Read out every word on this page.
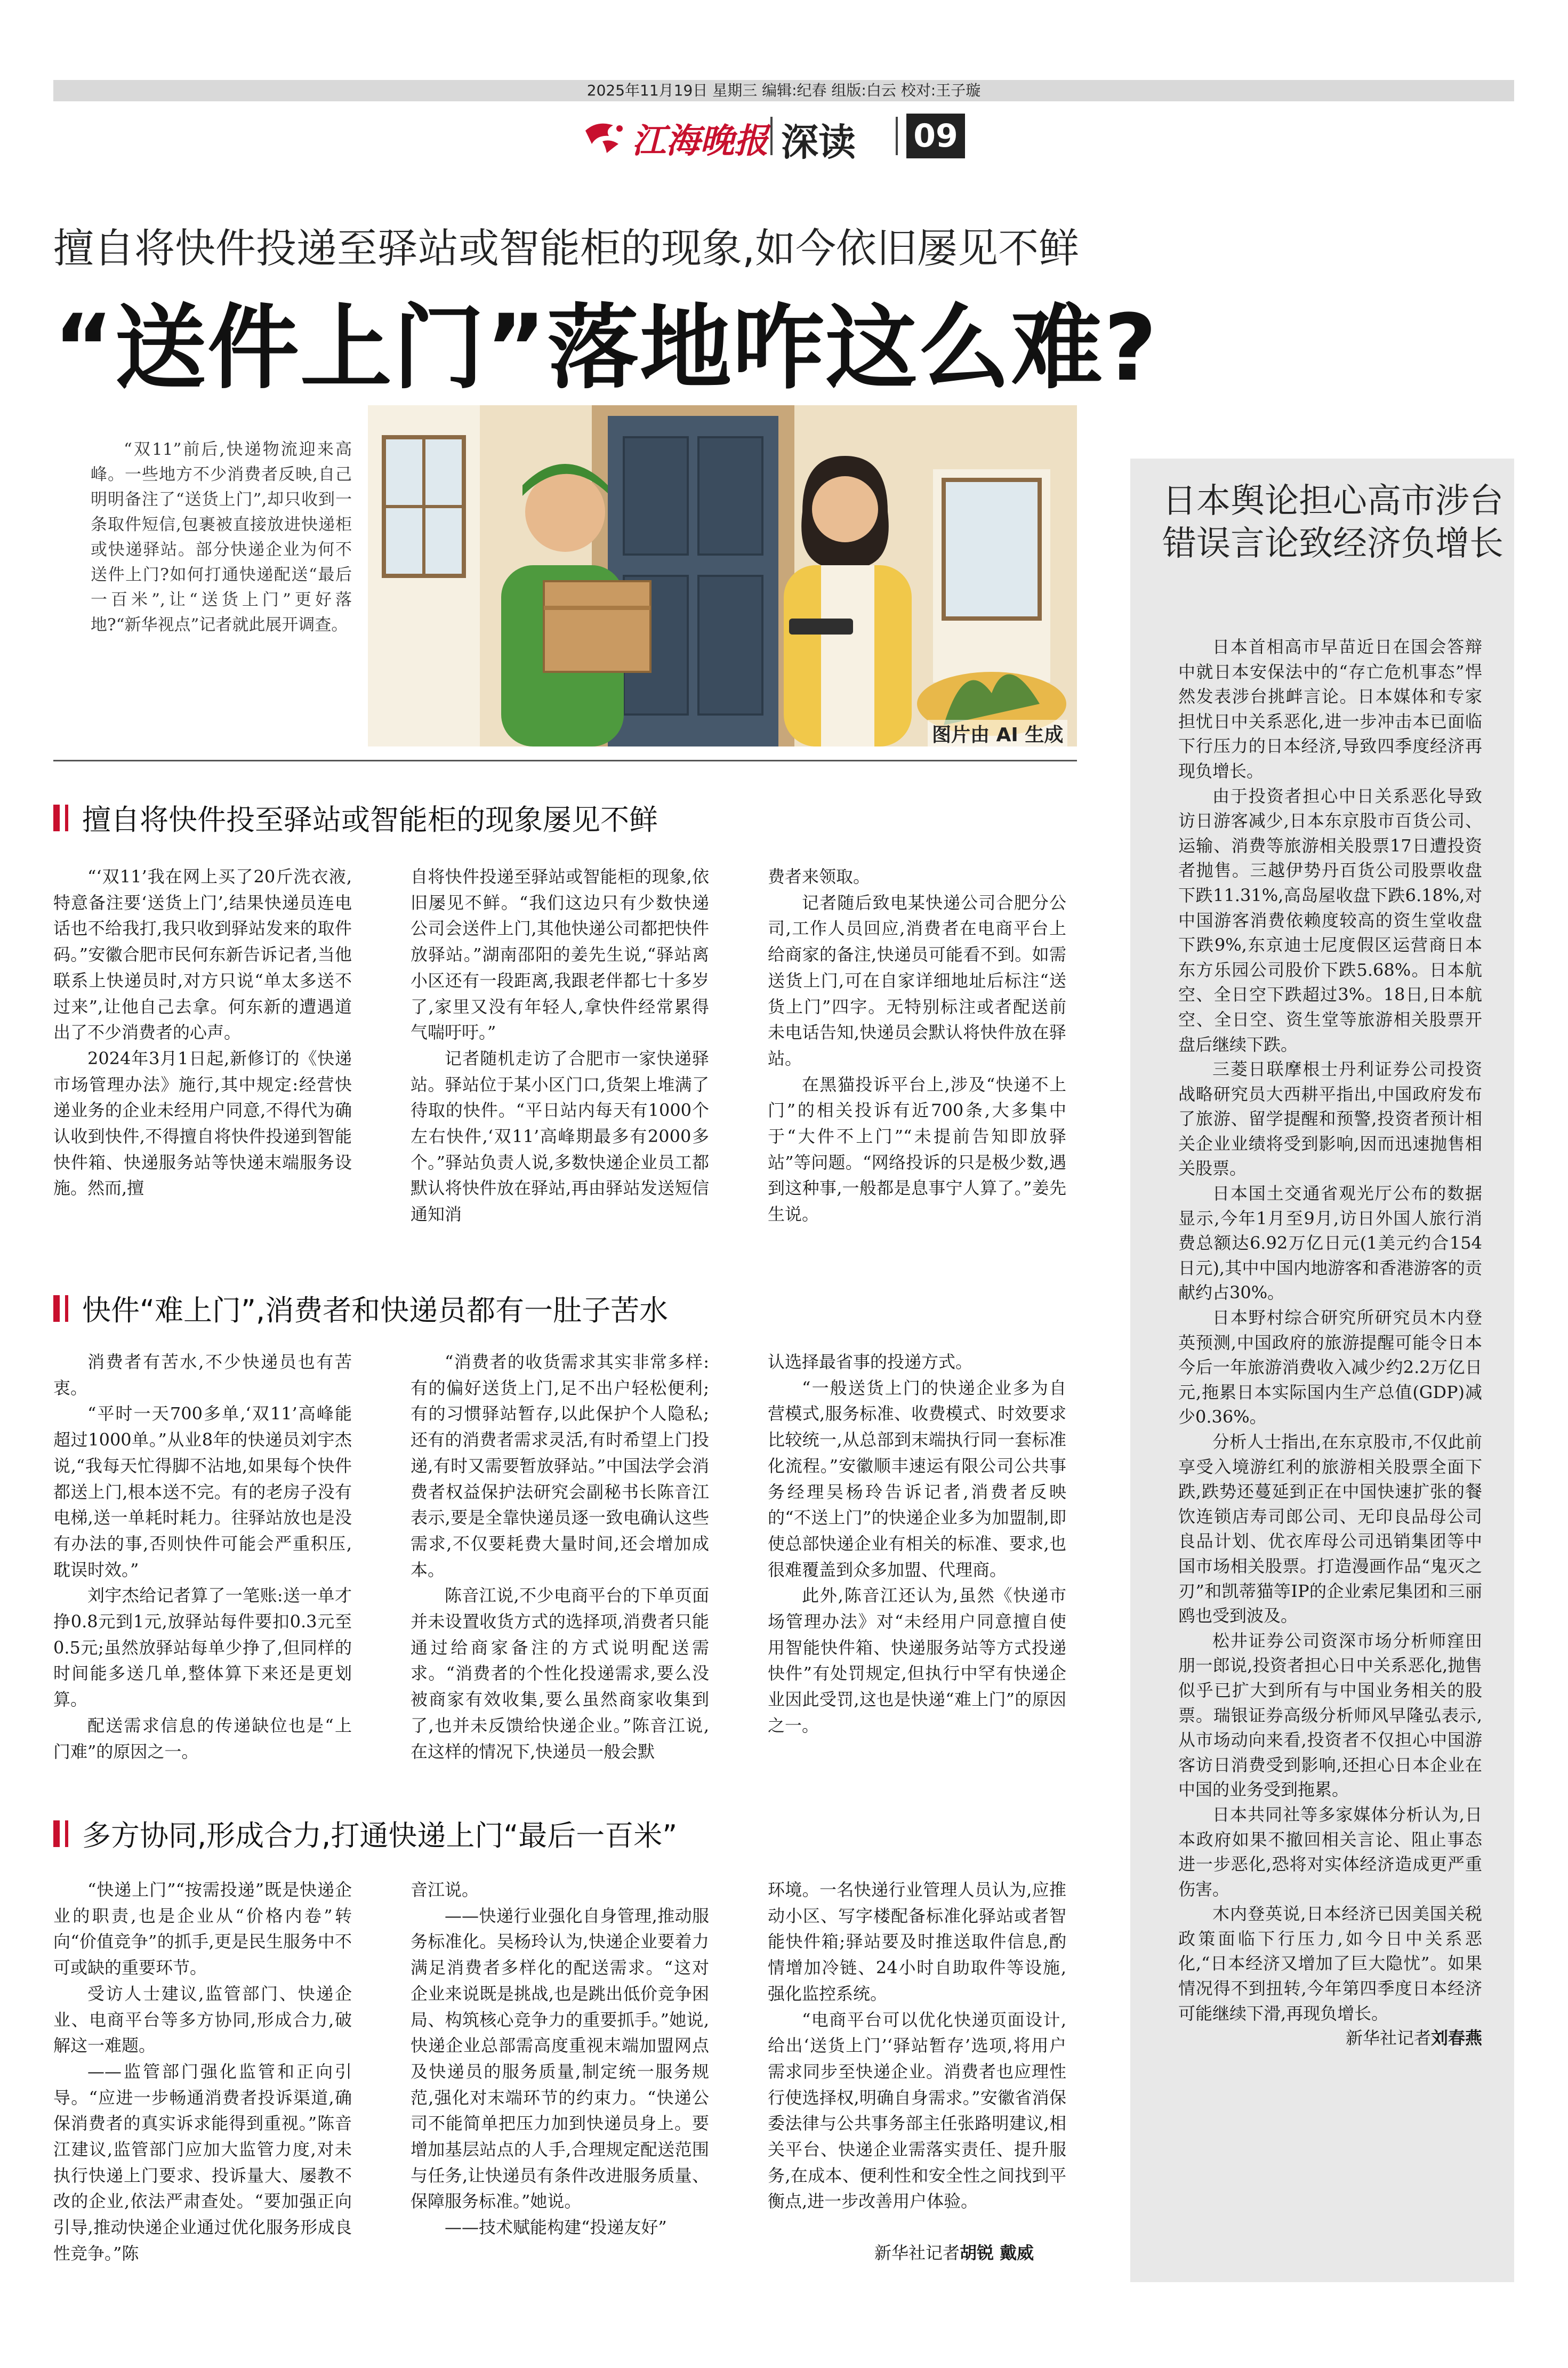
2025年11月19日 星期三 编辑:纪春 组版:白云 校对:王子璇
江海晚报 深读 09
擅自将快件投递至驿站或智能柜的现象,如今依旧屡见不鲜
“送件上门”落地咋这么难?
“双11”前后,快递物流迎来高峰。一些地方不少消费者反映,自己明明备注了“送货上门”,却只收到一条取件短信,包裹被直接放进快递柜或快递驿站。部分快递企业为何不送件上门?如何打通快递配送“最后一百米”,让“送货上门”更好落地?“新华视点”记者就此展开调查。
图片由 AI 生成
擅自将快件投至驿站或智能柜的现象屡见不鲜

“‘双11’我在网上买了20斤洗衣液,特意备注要‘送货上门’,结果快递员连电话也不给我打,我只收到驿站发来的取件码。”安徽合肥市民何东新告诉记者,当他联系上快递员时,对方只说“单太多送不过来”,让他自己去拿。何东新的遭遇道出了不少消费者的心声。

2024年3月1日起,新修订的《快递市场管理办法》施行,其中规定:经营快递业务的企业未经用户同意,不得代为确认收到快件,不得擅自将快件投递到智能快件箱、快递服务站等快递末端服务设施。然而,擅

自将快件投递至驿站或智能柜的现象,依旧屡见不鲜。“我们这边只有少数快递公司会送件上门,其他快递公司都把快件放驿站。”湖南邵阳的姜先生说,“驿站离小区还有一段距离,我跟老伴都七十多岁了,家里又没有年轻人,拿快件经常累得气喘吁吁。”

记者随机走访了合肥市一家快递驿站。驿站位于某小区门口,货架上堆满了待取的快件。“平日站内每天有1000个左右快件,‘双11’高峰期最多有2000多个。”驿站负责人说,多数快递企业员工都默认将快件放在驿站,再由驿站发送短信通知消

费者来领取。

记者随后致电某快递公司合肥分公司,工作人员回应,消费者在电商平台上给商家的备注,快递员可能看不到。如需送货上门,可在自家详细地址后标注“送货上门”四字。无特别标注或者配送前未电话告知,快递员会默认将快件放在驿站。

在黑猫投诉平台上,涉及“快递不上门”的相关投诉有近700条,大多集中于“大件不上门”“未提前告知即放驿站”等问题。“网络投诉的只是极少数,遇到这种事,一般都是息事宁人算了。”姜先生说。

快件“难上门”,消费者和快递员都有一肚子苦水

消费者有苦水,不少快递员也有苦衷。

“平时一天700多单,‘双11’高峰能超过1000单。”从业8年的快递员刘宇杰说,“我每天忙得脚不沾地,如果每个快件都送上门,根本送不完。有的老房子没有电梯,送一单耗时耗力。往驿站放也是没有办法的事,否则快件可能会严重积压,耽误时效。”

刘宇杰给记者算了一笔账:送一单才挣0.8元到1元,放驿站每件要扣0.3元至0.5元;虽然放驿站每单少挣了,但同样的时间能多送几单,整体算下来还是更划算。

配送需求信息的传递缺位也是“上门难”的原因之一。

“消费者的收货需求其实非常多样:有的偏好送货上门,足不出户轻松便利;有的习惯驿站暂存,以此保护个人隐私;还有的消费者需求灵活,有时希望上门投递,有时又需要暂放驿站。”中国法学会消费者权益保护法研究会副秘书长陈音江表示,要是全靠快递员逐一致电确认这些需求,不仅要耗费大量时间,还会增加成本。

陈音江说,不少电商平台的下单页面并未设置收货方式的选择项,消费者只能通过给商家备注的方式说明配送需求。“消费者的个性化投递需求,要么没被商家有效收集,要么虽然商家收集到了,也并未反馈给快递企业。”陈音江说,在这样的情况下,快递员一般会默

认选择最省事的投递方式。

“一般送货上门的快递企业多为自营模式,服务标准、收费模式、时效要求比较统一,从总部到末端执行同一套标准化流程。”安徽顺丰速运有限公司公共事务经理吴杨玲告诉记者,消费者反映的“不送上门”的快递企业多为加盟制,即使总部快递企业有相关的标准、要求,也很难覆盖到众多加盟、代理商。

此外,陈音江还认为,虽然《快递市场管理办法》对“未经用户同意擅自使用智能快件箱、快递服务站等方式投递快件”有处罚规定,但执行中罕有快递企业因此受罚,这也是快递“难上门”的原因之一。

多方协同,形成合力,打通快递上门“最后一百米”

“快递上门”“按需投递”既是快递企业的职责,也是企业从“价格内卷”转向“价值竞争”的抓手,更是民生服务中不可或缺的重要环节。

受访人士建议,监管部门、快递企业、电商平台等多方协同,形成合力,破解这一难题。

——监管部门强化监管和正向引导。“应进一步畅通消费者投诉渠道,确保消费者的真实诉求能得到重视。”陈音江建议,监管部门应加大监管力度,对未执行快递上门要求、投诉量大、屡教不改的企业,依法严肃查处。“要加强正向引导,推动快递企业通过优化服务形成良性竞争。”陈

音江说。

——快递行业强化自身管理,推动服务标准化。吴杨玲认为,快递企业要着力满足消费者多样化的配送需求。“这对企业来说既是挑战,也是跳出低价竞争困局、构筑核心竞争力的重要抓手。”她说,快递企业总部需高度重视末端加盟网点及快递员的服务质量,制定统一服务规范,强化对末端环节的约束力。“快递公司不能简单把压力加到快递员身上。要增加基层站点的人手,合理规定配送范围与任务,让快递员有条件改进服务质量、保障服务标准。”她说。

——技术赋能构建“投递友好”

环境。一名快递行业管理人员认为,应推动小区、写字楼配备标准化驿站或者智能快件箱;驿站要及时推送取件信息,酌情增加冷链、24小时自助取件等设施,强化监控系统。

“电商平台可以优化快递页面设计,给出‘送货上门’‘驿站暂存’选项,将用户需求同步至快递企业。消费者也应理性行使选择权,明确自身需求。”安徽省消保委法律与公共事务部主任张路明建议,相关平台、快递企业需落实责任、提升服务,在成本、便利性和安全性之间找到平衡点,进一步改善用户体验。

新华社记者胡锐 戴威
日本舆论担心高市涉台错误言论致经济负增长

日本首相高市早苗近日在国会答辩中就日本安保法中的“存亡危机事态”悍然发表涉台挑衅言论。日本媒体和专家担忧日中关系恶化,进一步冲击本已面临下行压力的日本经济,导致四季度经济再现负增长。

由于投资者担心中日关系恶化导致访日游客减少,日本东京股市百货公司、运输、消费等旅游相关股票17日遭投资者抛售。三越伊势丹百货公司股票收盘下跌11.31%,高岛屋收盘下跌6.18%,对中国游客消费依赖度较高的资生堂收盘下跌9%,东京迪士尼度假区运营商日本东方乐园公司股价下跌5.68%。日本航空、全日空下跌超过3%。18日,日本航空、全日空、资生堂等旅游相关股票开盘后继续下跌。

三菱日联摩根士丹利证券公司投资战略研究员大西耕平指出,中国政府发布了旅游、留学提醒和预警,投资者预计相关企业业绩将受到影响,因而迅速抛售相关股票。

日本国土交通省观光厅公布的数据显示,今年1月至9月,访日外国人旅行消费总额达6.92万亿日元(1美元约合154日元),其中中国内地游客和香港游客的贡献约占30%。

日本野村综合研究所研究员木内登英预测,中国政府的旅游提醒可能令日本今后一年旅游消费收入减少约2.2万亿日元,拖累日本实际国内生产总值(GDP)减少0.36%。

分析人士指出,在东京股市,不仅此前享受入境游红利的旅游相关股票全面下跌,跌势还蔓延到正在中国快速扩张的餐饮连锁店寿司郎公司、无印良品母公司良品计划、优衣库母公司迅销集团等中国市场相关股票。打造漫画作品“鬼灭之刃”和凯蒂猫等IP的企业索尼集团和三丽鸥也受到波及。

松井证券公司资深市场分析师窪田朋一郎说,投资者担心日中关系恶化,抛售似乎已扩大到所有与中国业务相关的股票。瑞银证券高级分析师风早隆弘表示,从市场动向来看,投资者不仅担心中国游客访日消费受到影响,还担心日本企业在中国的业务受到拖累。

日本共同社等多家媒体分析认为,日本政府如果不撤回相关言论、阻止事态进一步恶化,恐将对实体经济造成更严重伤害。

木内登英说,日本经济已因美国关税政策面临下行压力,如今日中关系恶化,“日本经济又增加了巨大隐忧”。如果情况得不到扭转,今年第四季度日本经济可能继续下滑,再现负增长。

新华社记者刘春燕
